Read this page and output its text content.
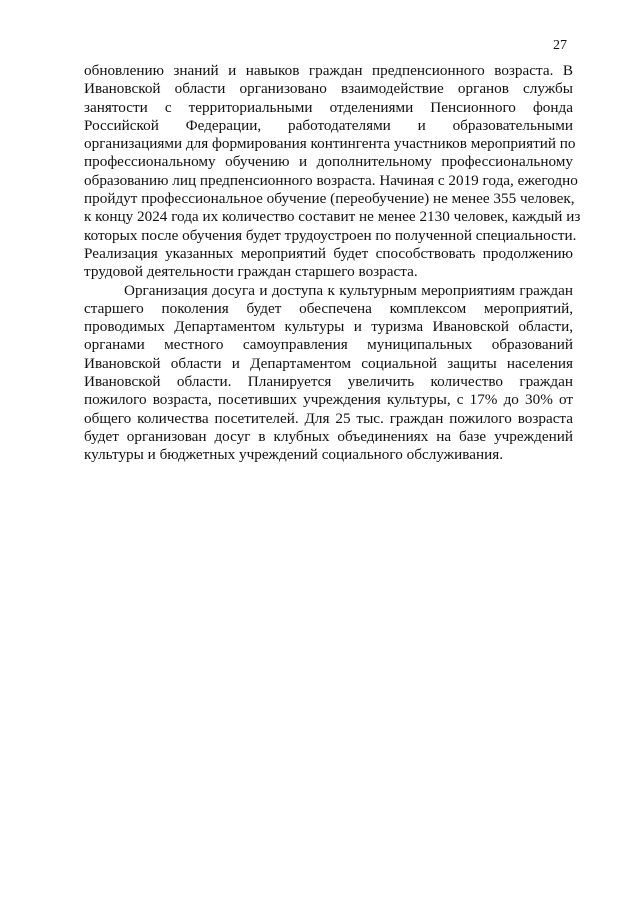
27
обновлению знаний и навыков граждан предпенсионного возраста. В
Ивановской области организовано взаимодействие органов службы
занятости с территориальными отделениями Пенсионного фонда
Российской Федерации, работодателями и образовательными
организациями для формирования контингента участников мероприятий по
профессиональному обучению и дополнительному профессиональному
образованию лиц предпенсионного возраста. Начиная с 2019 года, ежегодно
пройдут профессиональное обучение (переобучение) не менее 355 человек,
к концу 2024 года их количество составит не менее 2130 человек, каждый из
которых после обучения будет трудоустроен по полученной специальности.
Реализация указанных мероприятий будет способствовать продолжению
трудовой деятельности граждан старшего возраста.
Организация досуга и доступа к культурным мероприятиям граждан
старшего поколения будет обеспечена комплексом мероприятий,
проводимых Департаментом культуры и туризма Ивановской области,
органами местного самоуправления муниципальных образований
Ивановской области и Департаментом социальной защиты населения
Ивановской области. Планируется увеличить количество граждан
пожилого возраста, посетивших учреждения культуры, с 17% до 30% от
общего количества посетителей. Для 25 тыс. граждан пожилого возраста
будет организован досуг в клубных объединениях на базе учреждений
культуры и бюджетных учреждений социального обслуживания.
